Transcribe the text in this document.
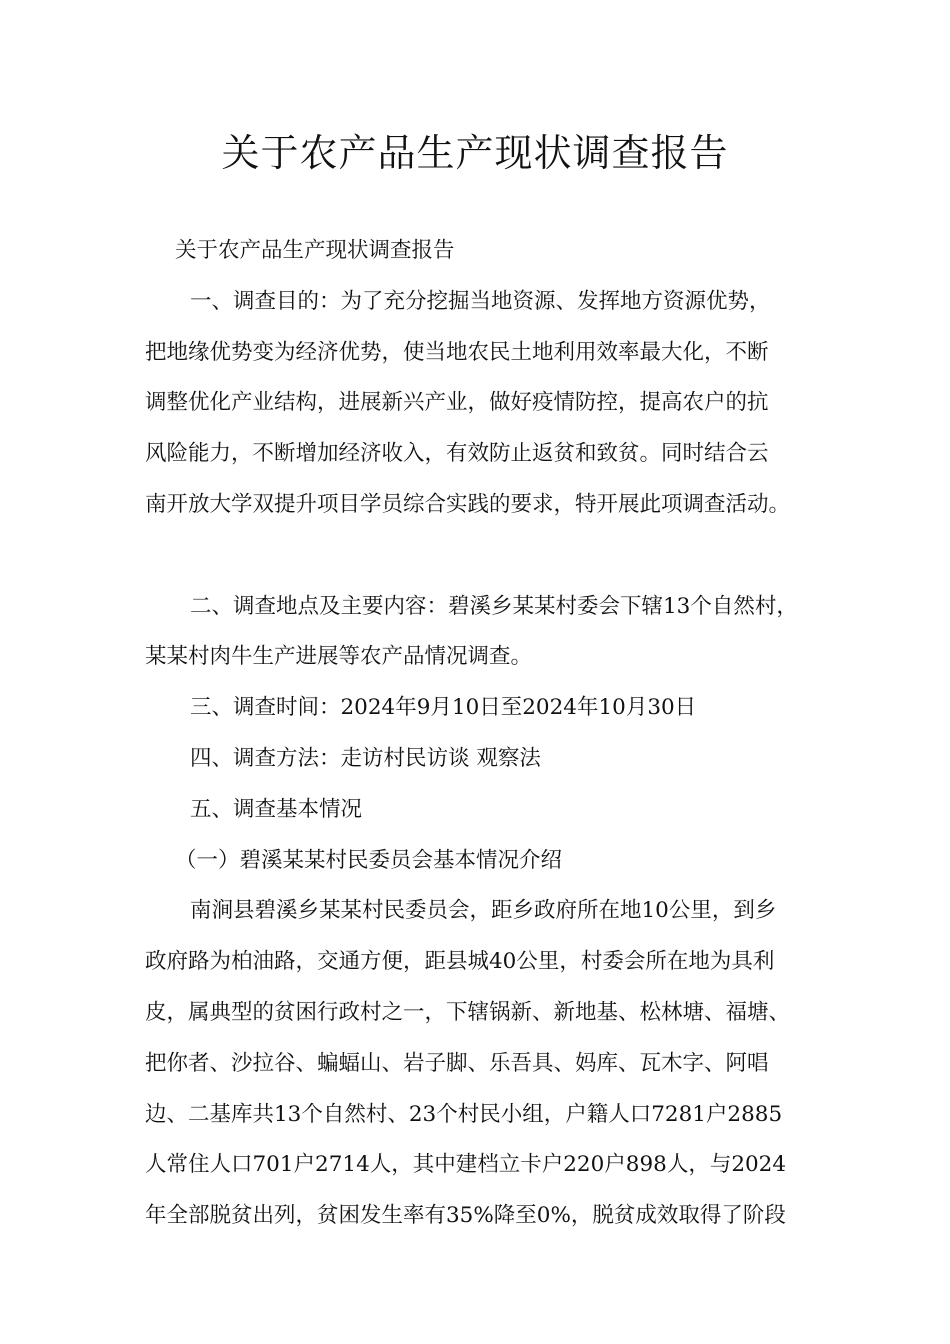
关于农产品生产现状调查报告
关于农产品生产现状调查报告
一、调查目的：为了充分挖掘当地资源、发挥地方资源优势，
把地缘优势变为经济优势，使当地农民土地利用效率最大化，不断
调整优化产业结构，进展新兴产业，做好疫情防控，提高农户的抗
风险能力，不断增加经济收入，有效防止返贫和致贫。同时结合云
南开放大学双提升项目学员综合实践的要求，特开展此项调查活动。
二、调查地点及主要内容：碧溪乡某某村委会下辖13个自然村，
某某村肉牛生产进展等农产品情况调查。
三、调查时间：2024年9月10日至2024年10月30日
四、调查方法：走访村民访谈 观察法
五、调查基本情况
（一）碧溪某某村民委员会基本情况介绍
南涧县碧溪乡某某村民委员会，距乡政府所在地10公里，到乡
政府路为柏油路，交通方便，距县城40公里，村委会所在地为具利
皮，属典型的贫困行政村之一，下辖锅新、新地基、松林塘、福塘、
把你者、沙拉谷、蝙蝠山、岩子脚、乐吾具、妈库、瓦木字、阿唱
边、二基库共13个自然村、23个村民小组，户籍人口7281户2885
人常住人口701户2714人，其中建档立卡户220户898人，与2024
年全部脱贫出列，贫困发生率有35%降至0%，脱贫成效取得了阶段
